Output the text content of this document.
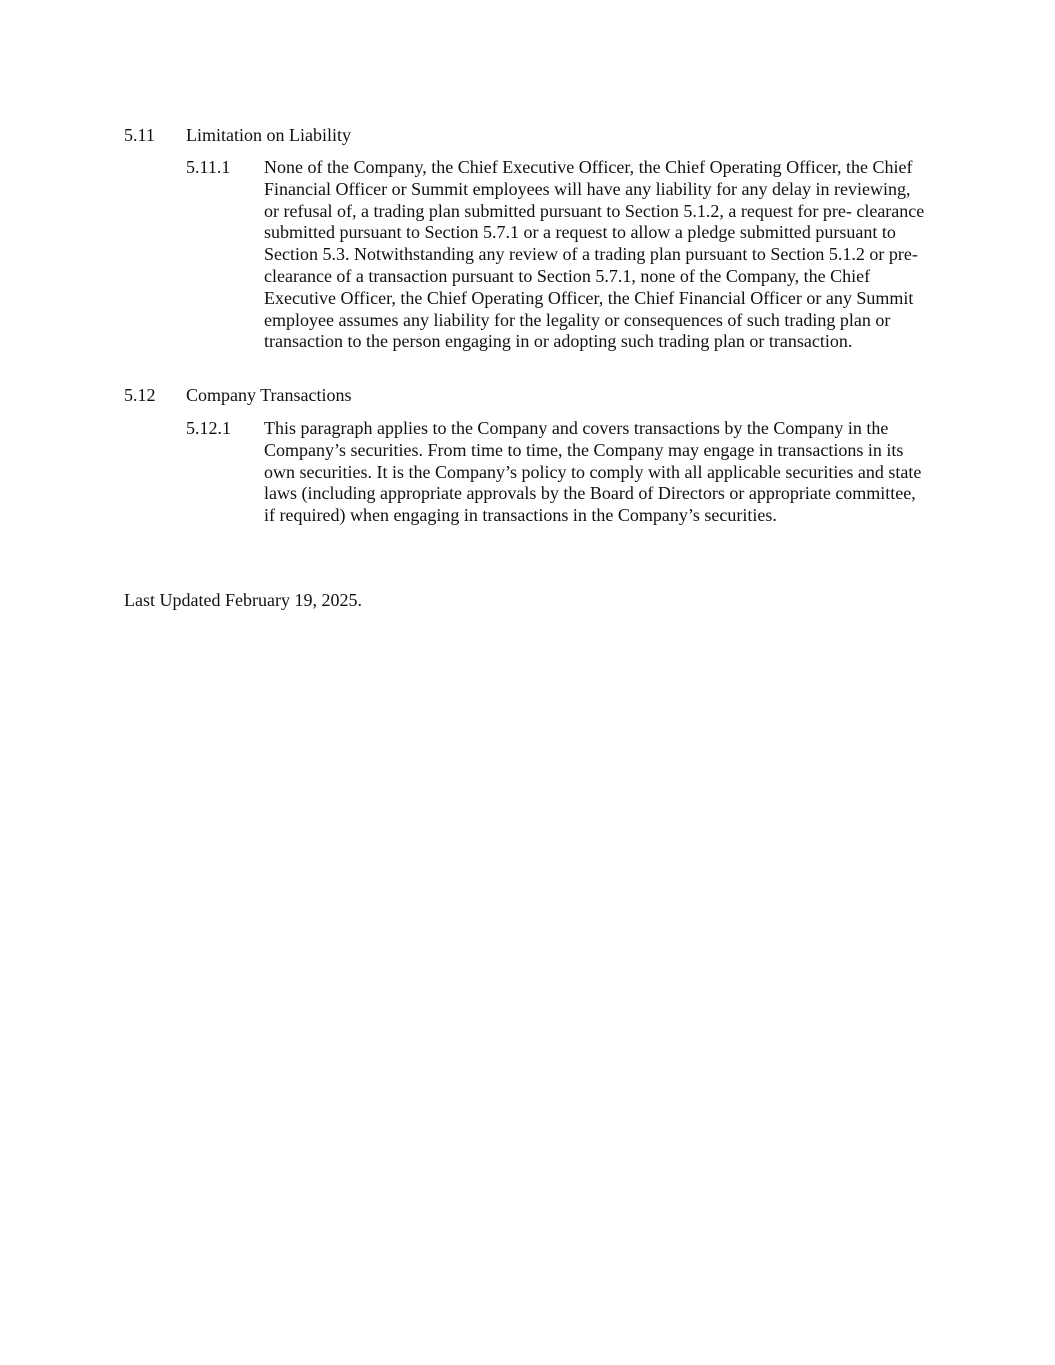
5.11 Limitation on Liability
5.11.1 None of the Company, the Chief Executive Officer, the Chief Operating Officer, the Chief Financial Officer or Summit employees will have any liability for any delay in reviewing, or refusal of, a trading plan submitted pursuant to Section 5.1.2, a request for pre- clearance submitted pursuant to Section 5.7.1 or a request to allow a pledge submitted pursuant to Section 5.3. Notwithstanding any review of a trading plan pursuant to Section 5.1.2 or pre- clearance of a transaction pursuant to Section 5.7.1, none of the Company, the Chief Executive Officer, the Chief Operating Officer, the Chief Financial Officer or any Summit employee assumes any liability for the legality or consequences of such trading plan or transaction to the person engaging in or adopting such trading plan or transaction.
5.12 Company Transactions
5.12.1 This paragraph applies to the Company and covers transactions by the Company in the Company’s securities. From time to time, the Company may engage in transactions in its own securities. It is the Company’s policy to comply with all applicable securities and state laws (including appropriate approvals by the Board of Directors or appropriate committee, if required) when engaging in transactions in the Company’s securities.
Last Updated February 19, 2025.
